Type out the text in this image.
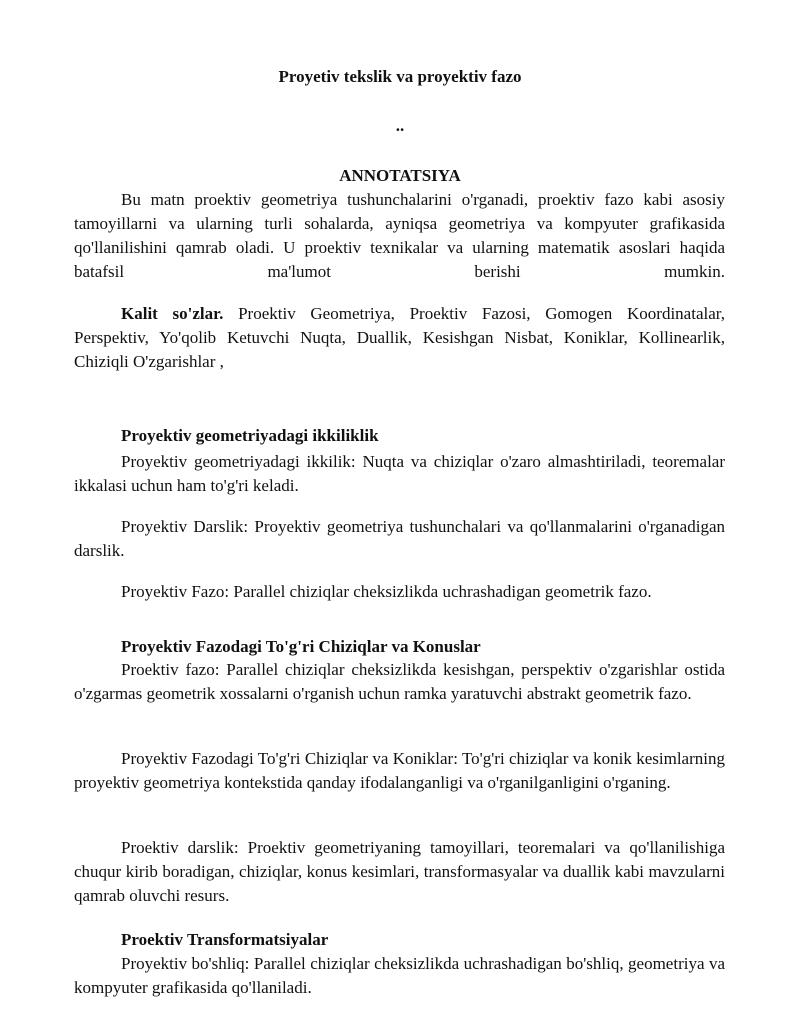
Proyetiv tekslik va proyektiv fazo
..
ANNOTATSIYA

Bu matn proektiv geometriya tushunchalarini o'rganadi, proektiv fazo kabi asosiy tamoyillarni va ularning turli sohalarda, ayniqsa geometriya va kompyuter grafikasida qo'llanilishini qamrab oladi. U proektiv texnikalar va ularning matematik asoslari haqida batafsil ma'lumot berishi mumkin.

Kalit so'zlar. Proektiv Geometriya, Proektiv Fazosi, Gomogen Koordinatalar, Perspektiv, Yo'qolib Ketuvchi Nuqta, Duallik, Kesishgan Nisbat, Koniklar, Kollinearlik, Chiziqli O'zgarishlar ,

Proyektiv geometriyadagi ikkiliklik

Proyektiv geometriyadagi ikkilik: Nuqta va chiziqlar o'zaro almashtiriladi, teoremalar ikkalasi uchun ham to'g'ri keladi.

Proyektiv Darslik: Proyektiv geometriya tushunchalari va qo'llanmalarini o'rganadigan darslik.

Proyektiv Fazo: Parallel chiziqlar cheksizlikda uchrashadigan geometrik fazo.

Proyektiv Fazodagi To'g'ri Chiziqlar va Konuslar

Proektiv fazo: Parallel chiziqlar cheksizlikda kesishgan, perspektiv o'zgarishlar ostida o'zgarmas geometrik xossalarni o'rganish uchun ramka yaratuvchi abstrakt geometrik fazo.

Proyektiv Fazodagi To'g'ri Chiziqlar va Koniklar: To'g'ri chiziqlar va konik kesimlarning proyektiv geometriya kontekstida qanday ifodalanganligi va o'rganilganligini o'rganing.

Proektiv darslik: Proektiv geometriyaning tamoyillari, teoremalari va qo'llanilishiga chuqur kirib boradigan, chiziqlar, konus kesimlari, transformasyalar va duallik kabi mavzularni qamrab oluvchi resurs.

Proektiv Transformatsiyalar

Proyektiv bo'shliq: Parallel chiziqlar cheksizlikda uchrashadigan bo'shliq, geometriya va kompyuter grafikasida qo'llaniladi.
